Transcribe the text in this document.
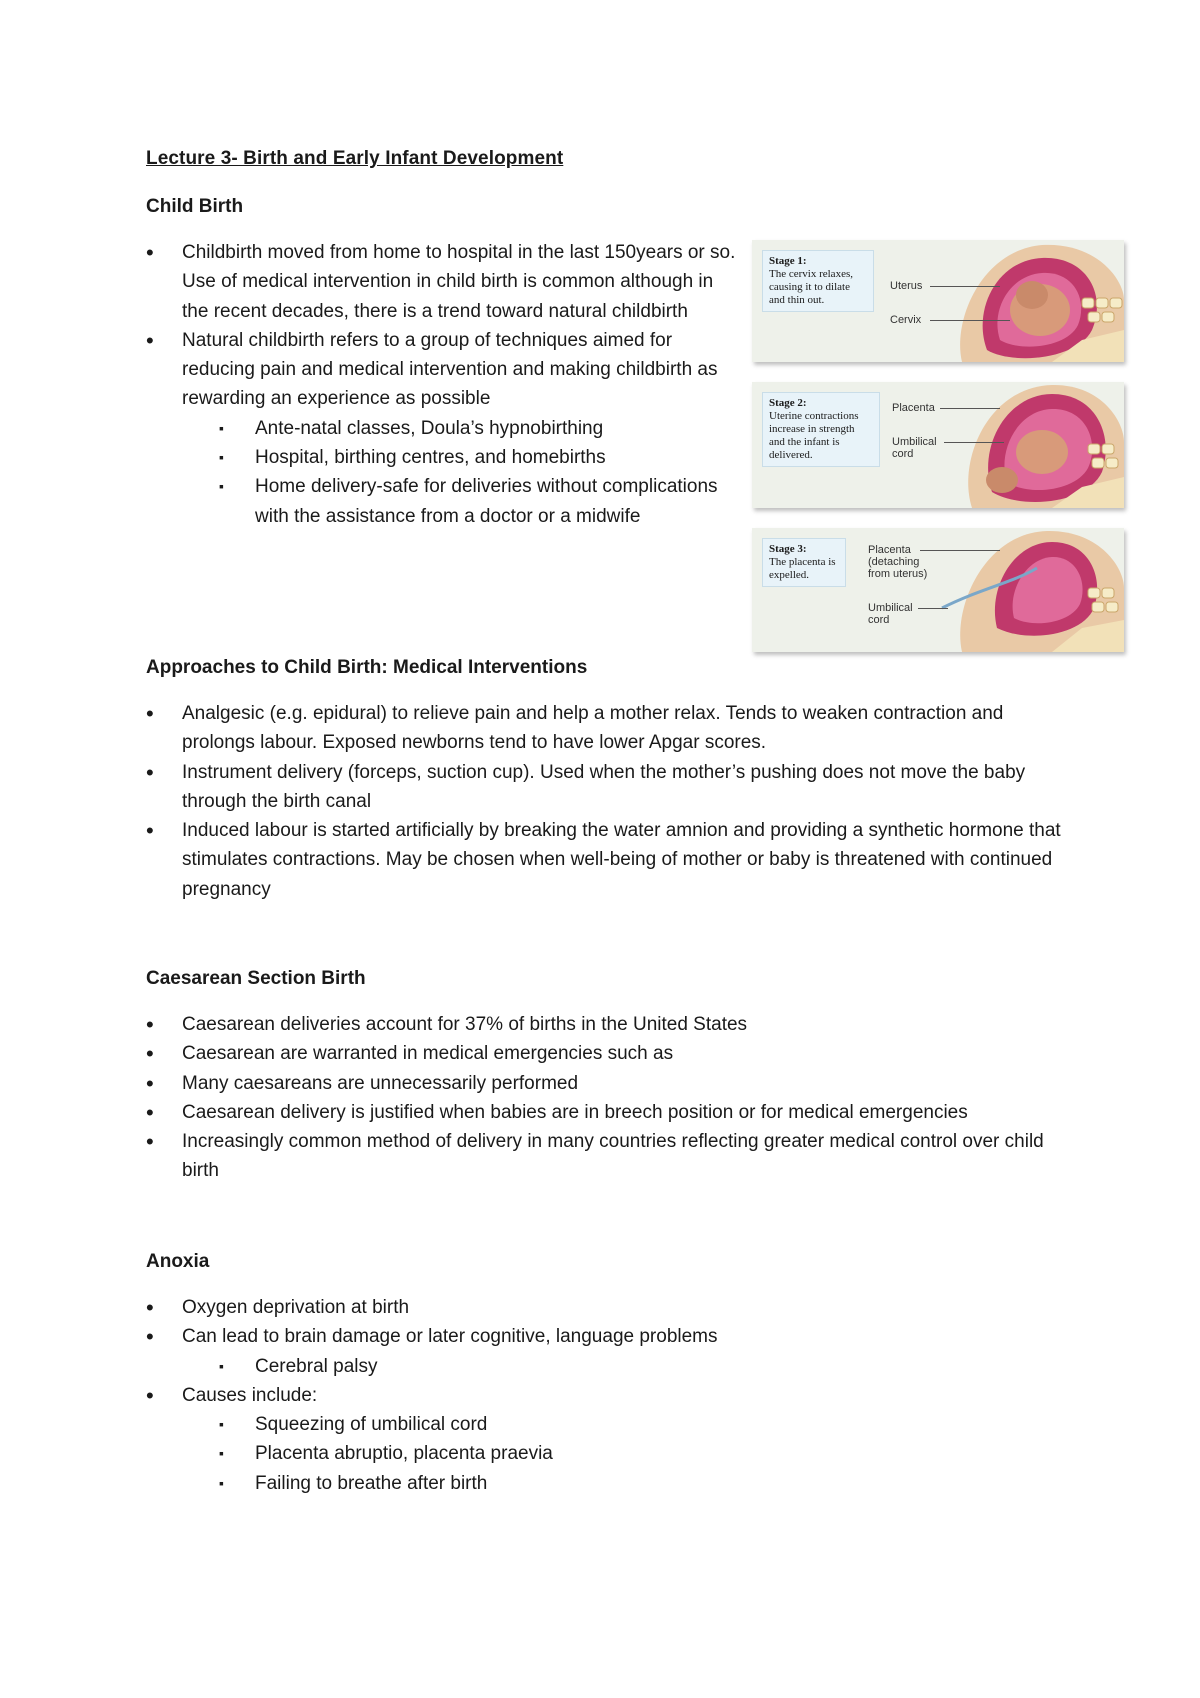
Lecture 3- Birth and Early Infant Development
Child Birth
• Childbirth moved from home to hospital in the last 150years or so. Use of medical intervention in child birth is common although in the recent decades, there is a trend toward natural childbirth
• Natural childbirth refers to a group of techniques aimed for reducing pain and medical intervention and making childbirth as rewarding an experience as possible
▪ Ante-natal classes, Doula’s hypnobirthing
▪ Hospital, birthing centres, and homebirths
▪ Home delivery-safe for deliveries without complications with the assistance from a doctor or a midwife
Stage 1:
The cervix relaxes, causing it to dilate and thin out.
Uterus
Cervix
Stage 2:
Uterine contractions increase in strength and the infant is delivered.
Placenta
Umbilical cord
Stage 3:
The placenta is expelled.
Placenta (detaching from uterus)
Umbilical cord
Approaches to Child Birth: Medical Interventions
• Analgesic (e.g. epidural) to relieve pain and help a mother relax. Tends to weaken contraction and prolongs labour. Exposed newborns tend to have lower Apgar scores.
• Instrument delivery (forceps, suction cup). Used when the mother’s pushing does not move the baby through the birth canal
• Induced labour is started artificially by breaking the water amnion and providing a synthetic hormone that stimulates contractions. May be chosen when well-being of mother or baby is threatened with continued pregnancy
Caesarean Section Birth
• Caesarean deliveries account for 37% of births in the United States
• Caesarean are warranted in medical emergencies such as
• Many caesareans are unnecessarily performed
• Caesarean delivery is justified when babies are in breech position or for medical emergencies
• Increasingly common method of delivery in many countries reflecting greater medical control over child birth
Anoxia
• Oxygen deprivation at birth
• Can lead to brain damage or later cognitive, language problems
▪ Cerebral palsy
• Causes include:
▪ Squeezing of umbilical cord
▪ Placenta abruptio, placenta praevia
▪ Failing to breathe after birth
